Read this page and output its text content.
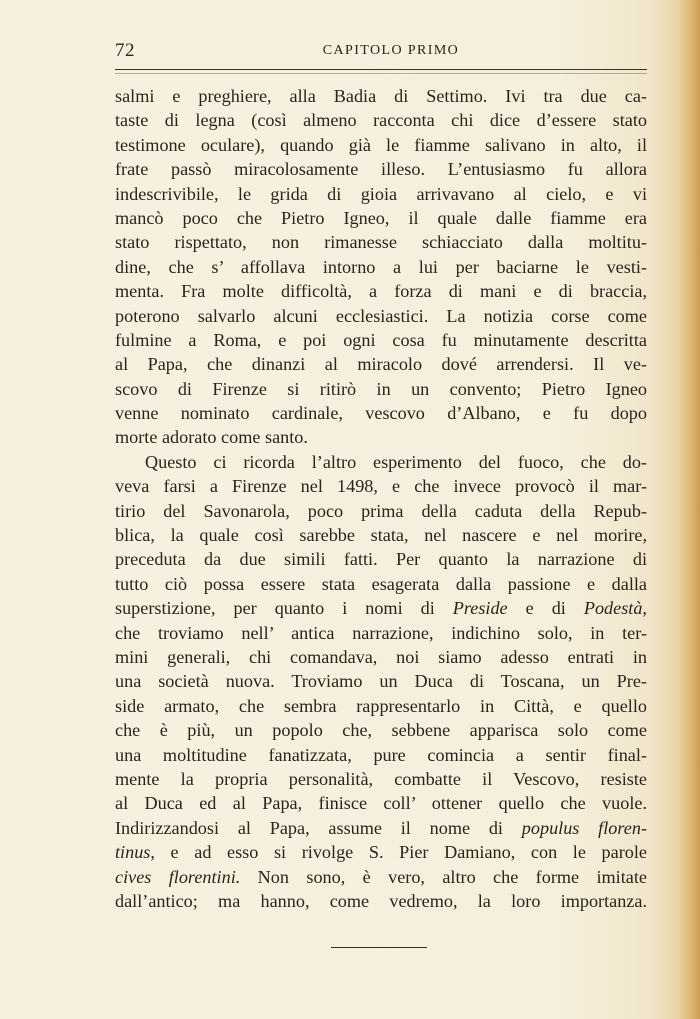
72	CAPITOLO PRIMO
salmi e preghiere, alla Badia di Settimo. Ivi tra due ca-
taste di legna (così almeno racconta chi dice d’essere stato
testimone oculare), quando già le fiamme salivano in alto, il
frate passò miracolosamente illeso. L’entusiasmo fu allora
indescrivibile, le grida di gioia arrivavano al cielo, e vi
mancò poco che Pietro Igneo, il quale dalle fiamme era
stato rispettato, non rimanesse schiacciato dalla moltitu-
dine, che s’ affollava intorno a lui per baciarne le vesti-
menta. Fra molte difficoltà, a forza di mani e di braccia,
poterono salvarlo alcuni ecclesiastici. La notizia corse come
fulmine a Roma, e poi ogni cosa fu minutamente descritta
al Papa, che dinanzi al miracolo dové arrendersi. Il ve-
scovo di Firenze si ritirò in un convento; Pietro Igneo
venne nominato cardinale, vescovo d’Albano, e fu dopo
morte adorato come santo.
Questo ci ricorda l’altro esperimento del fuoco, che do-
veva farsi a Firenze nel 1498, e che invece provocò il mar-
tirio del Savonarola, poco prima della caduta della Repub-
blica, la quale così sarebbe stata, nel nascere e nel morire,
preceduta da due simili fatti. Per quanto la narrazione di
tutto ciò possa essere stata esagerata dalla passione e dalla
superstizione, per quanto i nomi di Preside e di Podestà,
che troviamo nell’ antica narrazione, indichino solo, in ter-
mini generali, chi comandava, noi siamo adesso entrati in
una società nuova. Troviamo un Duca di Toscana, un Pre-
side armato, che sembra rappresentarlo in Città, e quello
che è più, un popolo che, sebbene apparisca solo come
una moltitudine fanatizzata, pure comincia a sentir final-
mente la propria personalità, combatte il Vescovo, resiste
al Duca ed al Papa, finisce coll’ ottener quello che vuole.
Indirizzandosi al Papa, assume il nome di populus floren-
tinus, e ad esso si rivolge S. Pier Damiano, con le parole
cives florentini. Non sono, è vero, altro che forme imitate
dall’antico; ma hanno, come vedremo, la loro importanza.
